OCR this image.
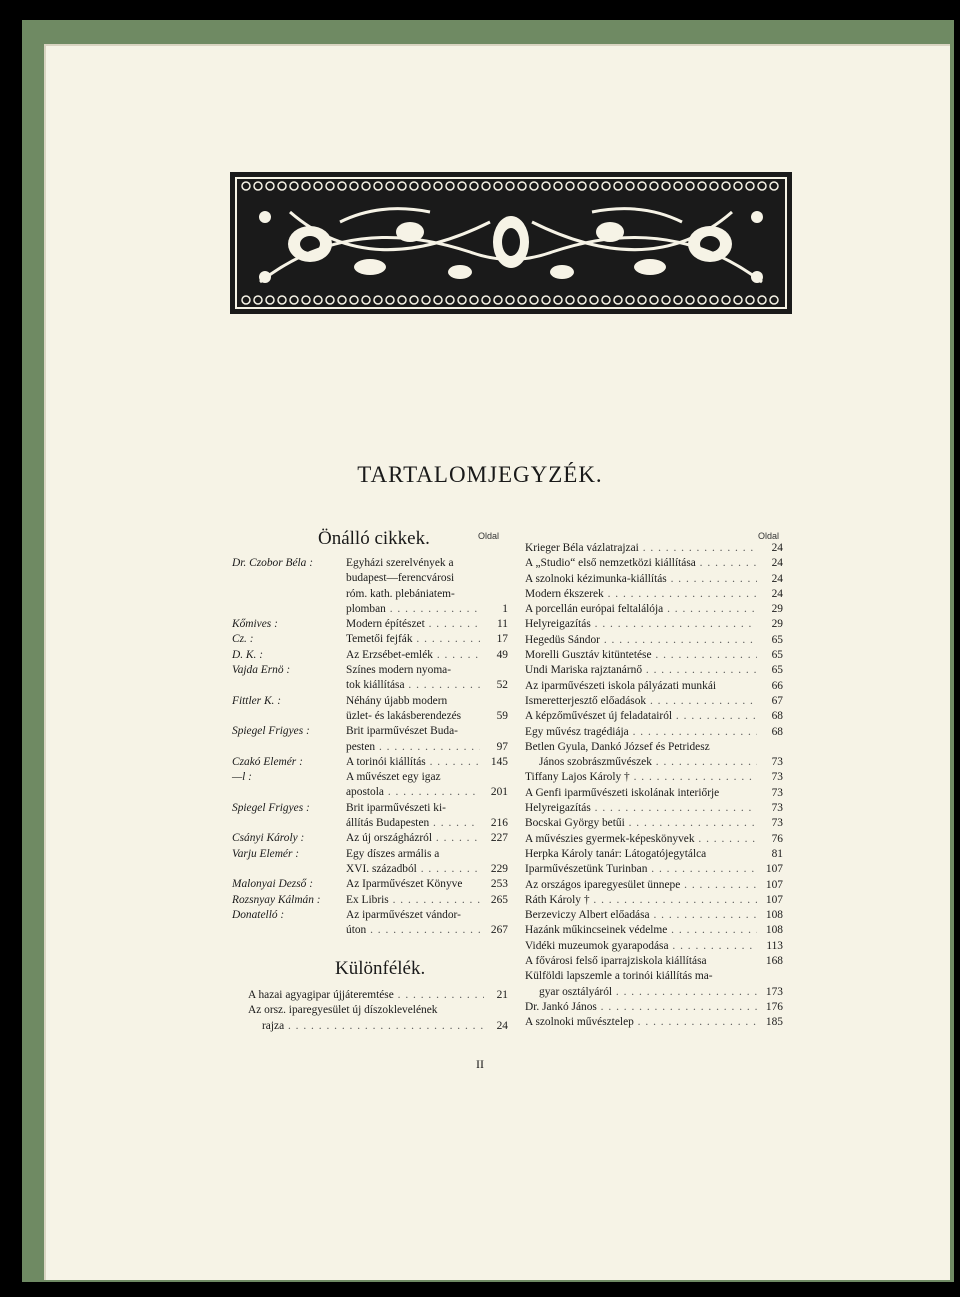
TARTALOMJEGYZÉK.
Önálló cikkek.	Oldal	Oldal
Dr. Czobor Béla :	Egyházi szerelvények a
budapest—ferencvárosi
róm. kath. plebániatem-
plomban . . .	1
Kőmives :	Modern építészet . . .	11
Cz. :	Temetői fejfák . . .	17
D. K. :	Az Erzsébet-emlék . . .	49
Vajda Ernö :	Színes modern nyoma-
tok kiállítása . . .	52
Fittler K. :	Néhány újabb modern
üzlet- és lakásberendezés	59
Spiegel Frigyes :	Brit iparművészet Buda-
pesten . . .	97
Czakó Elemér :	A torinói kiállítás . . .	145
—l :	A művészet egy igaz
apostola . . .	201
Spiegel Frigyes :	Brit iparművészeti ki-
állítás Budapesten . . .	216
Csányi Károly :	Az új országházról . . .	227
Varju Elemér :	Egy díszes armális a
XVI. századból . . .	229
Malonyai Dezső :	Az Iparművészet Könyve	253
Rozsnyay Kálmán : Ex Libris . . .	265
Donatelló :	Az iparművészet vándor-
úton . . .	267
Különfélék.
A hazai agyagipar újjáteremtése . . .	21
Az orsz. iparegyesület új díszoklevelének
rajza . . .	24
Krieger Béla vázlatrajzai . . .	24
A „Studio“ első nemzetközi kiállítása . . .	24
A szolnoki kézimunka-kiállítás . . .	24
Modern ékszerek . . .	24
A porcellán európai feltalálója . . .	29
Helyreigazítás . . .	29
Hegedüs Sándor . . .	65
Morelli Gusztáv kitüntetése . . .	65
Undi Mariska rajztanárnő . . .	65
Az iparművészeti iskola pályázati munkái	66
Ismeretterjesztő előadások . . .	67
A képzőművészet új feladatairól . . .	68
Egy művész tragédiája . . .	68
Betlen Gyula, Dankó József és Petridesz
János szobrászművészek . . .	73
Tiffany Lajos Károly † . . .	73
A Genfi iparművészeti iskolának interiőrje	73
Helyreigazítás . . .	73
Bocskai György betűi . . .	73
A művészies gyermek-képeskönyvek . . .	76
Herpka Károly tanár: Látogatójegytálca	81
Iparművészetünk Turinban . . .	107
Az országos iparegyesület ünnepe . . .	107
Ráth Károly † . . .	107
Berzeviczy Albert előadása . . .	108
Hazánk műkincseinek védelme . . .	108
Vidéki muzeumok gyarapodása . . .	113
A fővárosi felső iparrajziskola kiállítása	168
Külföldi lapszemle a torinói kiállítás ma-
gyar osztályáról . . .	173
Dr. Jankó János . . .	176
A szolnoki művésztelep . . .	185
II
